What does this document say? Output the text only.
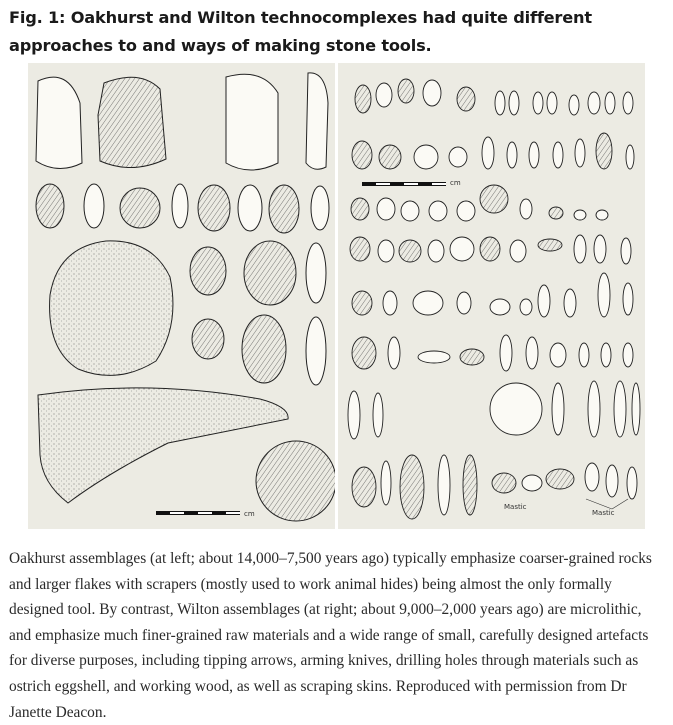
Fig. 1: Oakhurst and Wilton technocomplexes had quite different approaches to and ways of making stone tools.
cm
cm
Mastic
Mastic
Oakhurst assemblages (at left; about 14,000–7,500 years ago) typically emphasize coarser-grained rocks and larger flakes with scrapers (mostly used to work animal hides) being almost the only formally designed tool. By contrast, Wilton assemblages (at right; about 9,000–2,000 years ago) are microlithic, and emphasize much finer-grained raw materials and a wide range of small, carefully designed artefacts for diverse purposes, including tipping arrows, arming knives, drilling holes through materials such as ostrich eggshell, and working wood, as well as scraping skins. Reproduced with permission from Dr Janette Deacon.
